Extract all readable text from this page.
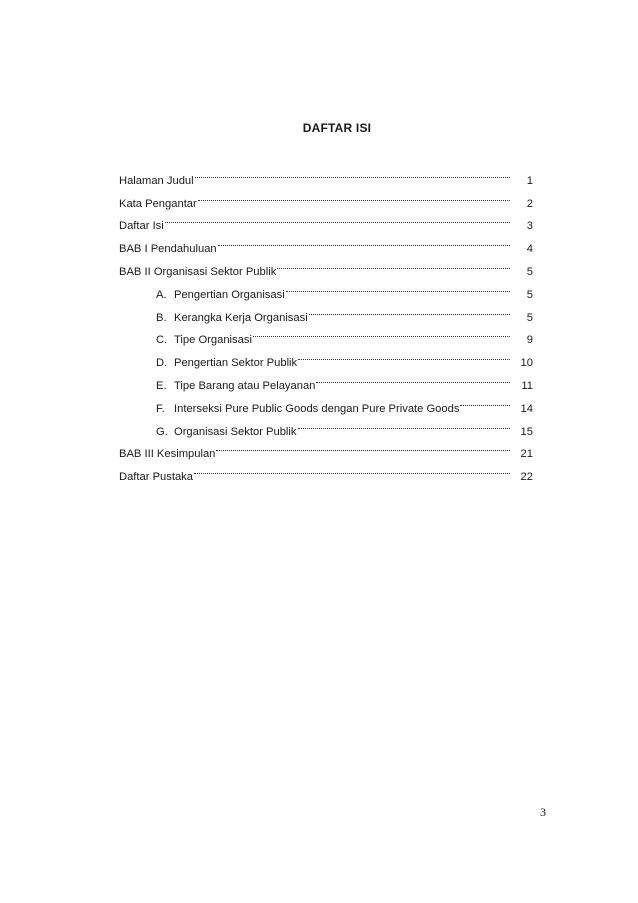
DAFTAR ISI
Halaman Judul	1
Kata Pengantar	2
Daftar Isi	3
BAB I Pendahuluan	4
BAB II Organisasi Sektor Publik	5
A. Pengertian Organisasi	5
B. Kerangka Kerja Organisasi	5
C. Tipe Organisasi	9
D. Pengertian Sektor Publik	10
E. Tipe Barang atau Pelayanan	11
F. Interseksi Pure Public Goods dengan Pure Private Goods	14
G. Organisasi Sektor Publik	15
BAB III Kesimpulan	21
Daftar Pustaka	22
3
